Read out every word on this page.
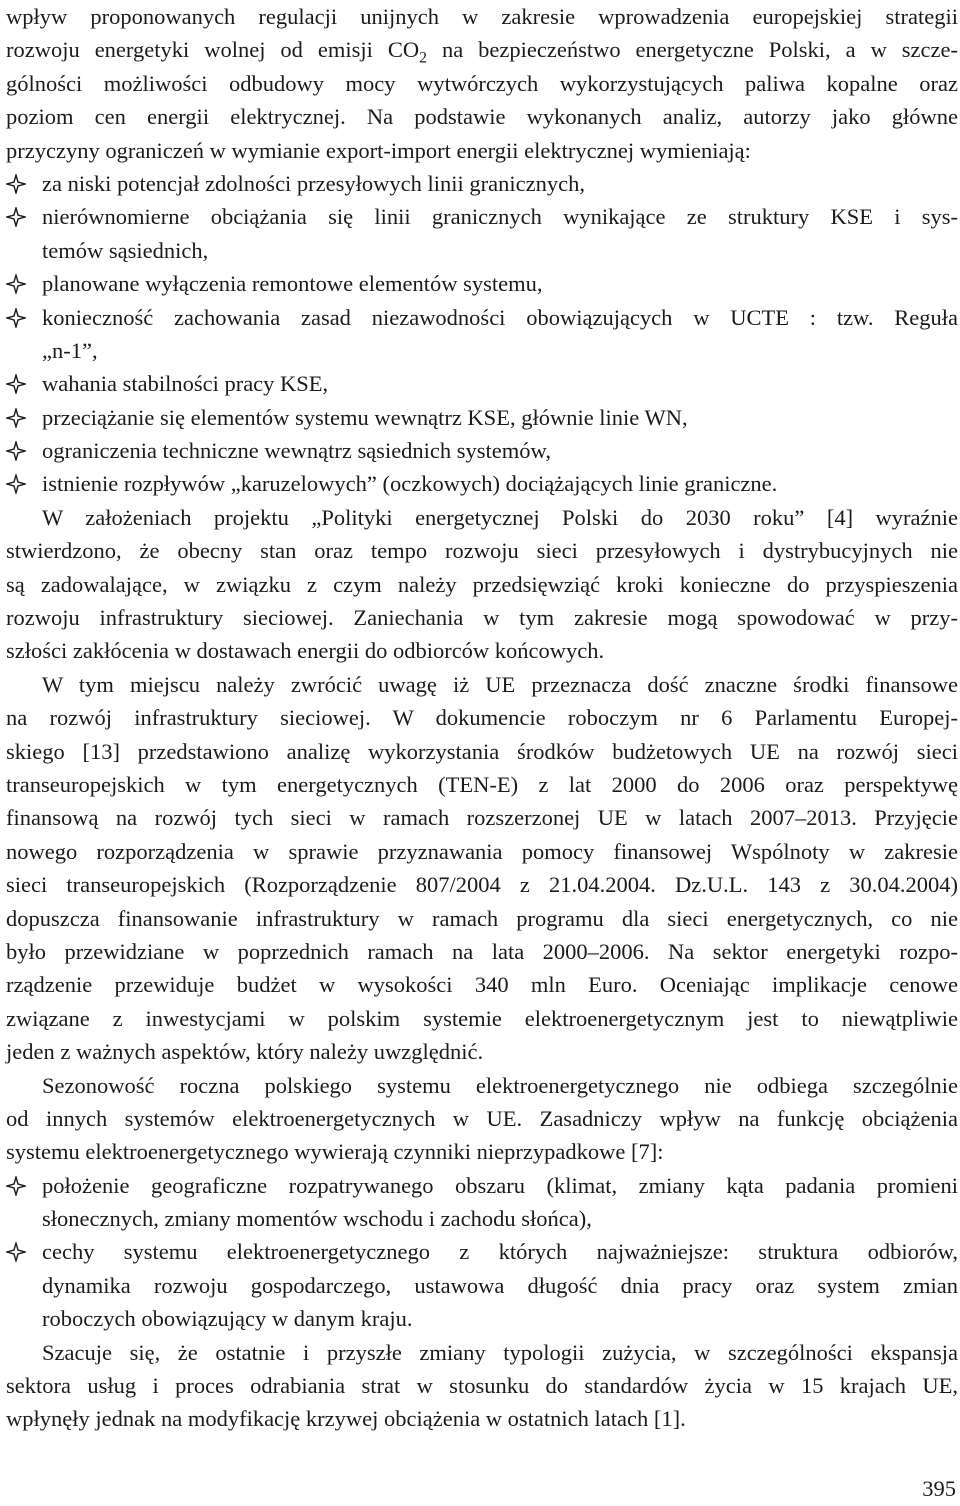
wpływ proponowanych regulacji unijnych w zakresie wprowadzenia europejskiej strategii
rozwoju energetyki wolnej od emisji $CO_2$ na bezpieczeństwo energetyczne Polski, a w szcze-
gólności możliwości odbudowy mocy wytwórczych wykorzystujących paliwa kopalne oraz
poziom cen energii elektrycznej. Na podstawie wykonanych analiz, autorzy jako główne
przyczyny ograniczeń w wymianie export-import energii elektrycznej wymieniają:
za niski potencjał zdolności przesyłowych linii granicznych,
nierównomierne obciążania się linii granicznych wynikające ze struktury KSE i sys-
temów sąsiednich,
planowane wyłączenia remontowe elementów systemu,
konieczność zachowania zasad niezawodności obowiązujących w UCTE : tzw. Reguła
„n-1”,
wahania stabilności pracy KSE,
przeciążanie się elementów systemu wewnątrz KSE, głównie linie WN,
ograniczenia techniczne wewnątrz sąsiednich systemów,
istnienie rozpływów „karuzelowych” (oczkowych) dociążających linie graniczne.
W założeniach projektu „Polityki energetycznej Polski do 2030 roku” [4] wyraźnie
stwierdzono, że obecny stan oraz tempo rozwoju sieci przesyłowych i dystrybucyjnych nie
są zadowalające, w związku z czym należy przedsięwziąć kroki konieczne do przyspieszenia
rozwoju infrastruktury sieciowej. Zaniechania w tym zakresie mogą spowodować w przy-
szłości zakłócenia w dostawach energii do odbiorców końcowych.
W tym miejscu należy zwrócić uwagę iż UE przeznacza dość znaczne środki finansowe
na rozwój infrastruktury sieciowej. W dokumencie roboczym nr 6 Parlamentu Europej-
skiego [13] przedstawiono analizę wykorzystania środków budżetowych UE na rozwój sieci
transeuropejskich w tym energetycznych (TEN-E) z lat 2000 do 2006 oraz perspektywę
finansową na rozwój tych sieci w ramach rozszerzonej UE w latach 2007–2013. Przyjęcie
nowego rozporządzenia w sprawie przyznawania pomocy finansowej Wspólnoty w zakresie
sieci transeuropejskich (Rozporządzenie 807/2004 z 21.04.2004. Dz.U.L. 143 z 30.04.2004)
dopuszcza finansowanie infrastruktury w ramach programu dla sieci energetycznych, co nie
było przewidziane w poprzednich ramach na lata 2000–2006. Na sektor energetyki rozpo-
rządzenie przewiduje budżet w wysokości 340 mln Euro. Oceniając implikacje cenowe
związane z inwestycjami w polskim systemie elektroenergetycznym jest to niewątpliwie
jeden z ważnych aspektów, który należy uwzględnić.
Sezonowość roczna polskiego systemu elektroenergetycznego nie odbiega szczególnie
od innych systemów elektroenergetycznych w UE. Zasadniczy wpływ na funkcję obciążenia
systemu elektroenergetycznego wywierają czynniki nieprzypadkowe [7]:
położenie geograficzne rozpatrywanego obszaru (klimat, zmiany kąta padania promieni
słonecznych, zmiany momentów wschodu i zachodu słońca),
cechy systemu elektroenergetycznego z których najważniejsze: struktura odbiorów,
dynamika rozwoju gospodarczego, ustawowa długość dnia pracy oraz system zmian
roboczych obowiązujący w danym kraju.
Szacuje się, że ostatnie i przyszłe zmiany typologii zużycia, w szczególności ekspansja
sektora usług i proces odrabiania strat w stosunku do standardów życia w 15 krajach UE,
wpłynęły jednak na modyfikację krzywej obciążenia w ostatnich latach [1].
395
